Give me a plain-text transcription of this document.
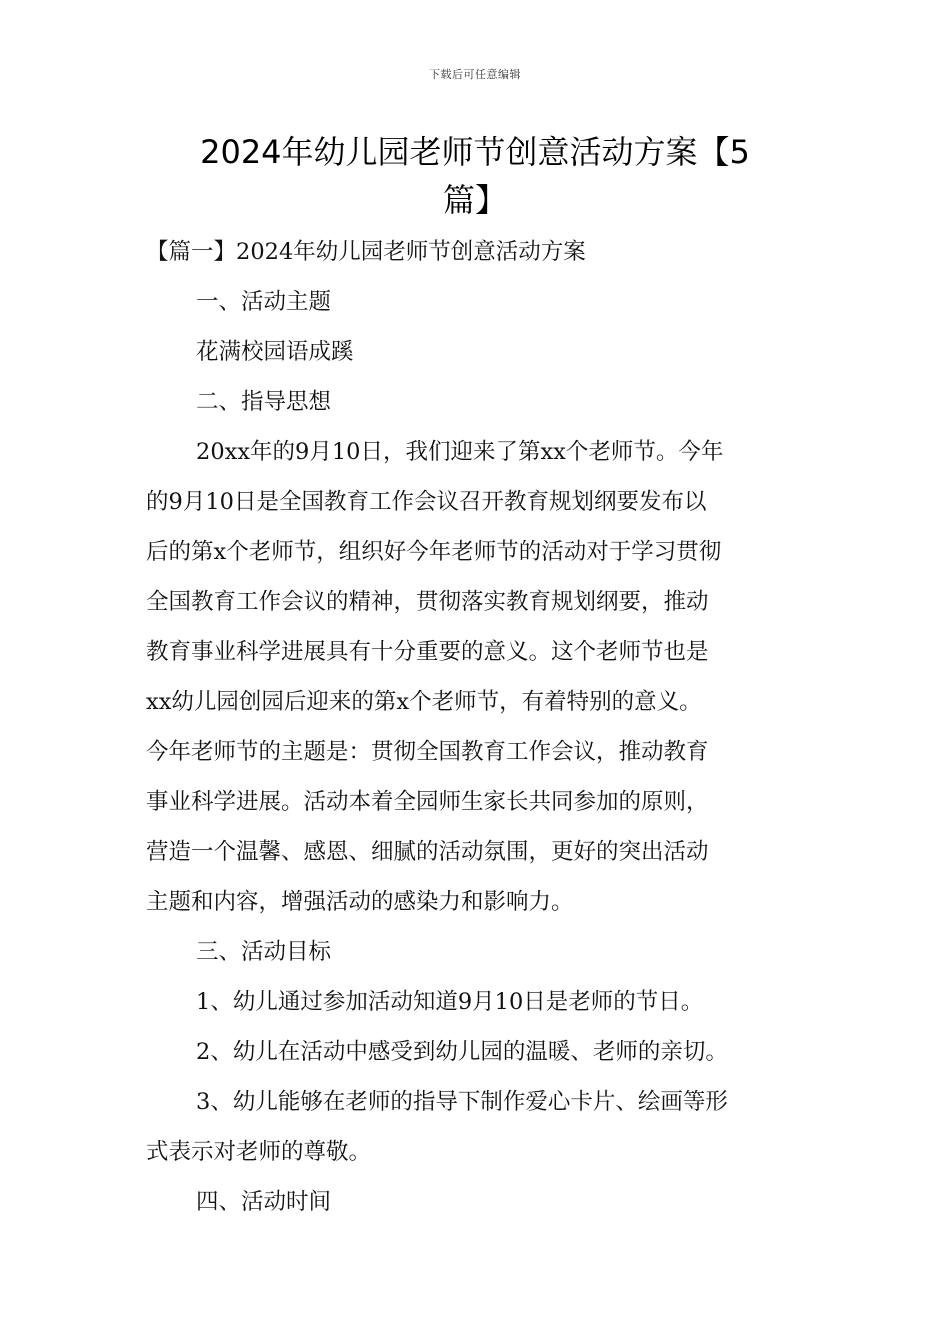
下载后可任意编辑
2024年幼儿园老师节创意活动方案【5
篇】

【篇一】2024年幼儿园老师节创意活动方案

一、活动主题

花满校园语成蹊

二、指导思想

20xx年的9月10日，我们迎来了第xx个老师节。今年

的9月10日是全国教育工作会议召开教育规划纲要发布以

后的第x个老师节，组织好今年老师节的活动对于学习贯彻

全国教育工作会议的精神，贯彻落实教育规划纲要，推动

教育事业科学进展具有十分重要的意义。这个老师节也是

xx幼儿园创园后迎来的第x个老师节，有着特别的意义。

今年老师节的主题是：贯彻全国教育工作会议，推动教育

事业科学进展。活动本着全园师生家长共同参加的原则，

营造一个温馨、感恩、细腻的活动氛围，更好的突出活动

主题和内容，增强活动的感染力和影响力。

三、活动目标

1、幼儿通过参加活动知道9月10日是老师的节日。

2、幼儿在活动中感受到幼儿园的温暖、老师的亲切。

3、幼儿能够在老师的指导下制作爱心卡片、绘画等形

式表示对老师的尊敬。

四、活动时间
